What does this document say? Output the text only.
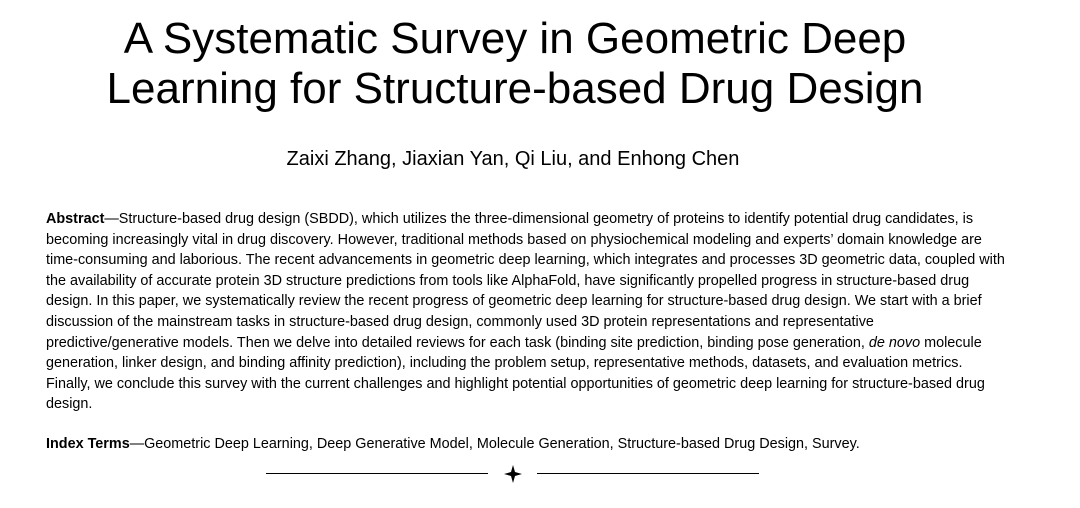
A Systematic Survey in Geometric Deep
Learning for Structure-based Drug Design
Zaixi Zhang, Jiaxian Yan, Qi Liu, and Enhong Chen

Abstract—Structure-based drug design (SBDD), which utilizes the three-dimensional geometry of proteins to identify potential drug candidates, is becoming increasingly vital in drug discovery. However, traditional methods based on physiochemical modeling and experts’ domain knowledge are time-consuming and laborious. The recent advancements in geometric deep learning, which integrates and processes 3D geometric data, coupled with the availability of accurate protein 3D structure predictions from tools like AlphaFold, have significantly propelled progress in structure-based drug design. In this paper, we systematically review the recent progress of geometric deep learning for structure-based drug design. We start with a brief discussion of the mainstream tasks in structure-based drug design, commonly used 3D protein representations and representative predictive/generative models. Then we delve into detailed reviews for each task (binding site prediction, binding pose generation, de novo molecule generation, linker design, and binding affinity prediction), including the problem setup, representative methods, datasets, and evaluation metrics. Finally, we conclude this survey with the current challenges and highlight potential opportunities of geometric deep learning for structure-based drug design.

Index Terms—Geometric Deep Learning, Deep Generative Model, Molecule Generation, Structure-based Drug Design, Survey.
